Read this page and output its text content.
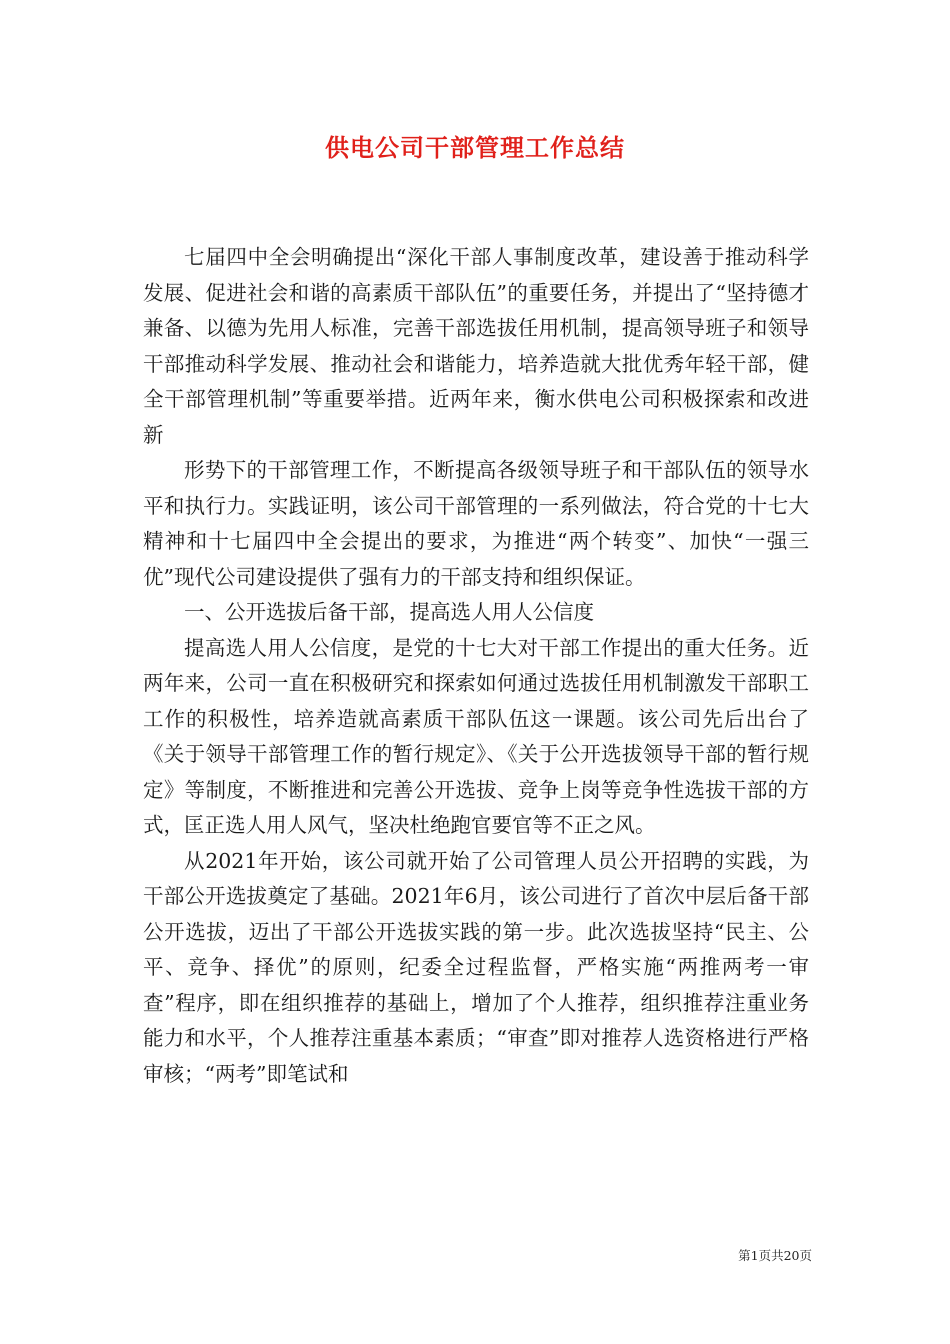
供电公司干部管理工作总结

七届四中全会明确提出“深化干部人事制度改革，建设善于推动科学发展、促进社会和谐的高素质干部队伍”的重要任务，并提出了“坚持德才兼备、以德为先用人标准，完善干部选拔任用机制，提高领导班子和领导干部推动科学发展、推动社会和谐能力，培养造就大批优秀年轻干部，健全干部管理机制”等重要举措。近两年来，衡水供电公司积极探索和改进新

形势下的干部管理工作，不断提高各级领导班子和干部队伍的领导水平和执行力。实践证明，该公司干部管理的一系列做法，符合党的十七大精神和十七届四中全会提出的要求，为推进“两个转变”、加快“一强三优”现代公司建设提供了强有力的干部支持和组织保证。

一、公开选拔后备干部，提高选人用人公信度

提高选人用人公信度，是党的十七大对干部工作提出的重大任务。近两年来，公司一直在积极研究和探索如何通过选拔任用机制激发干部职工工作的积极性，培养造就高素质干部队伍这一课题。该公司先后出台了《关于领导干部管理工作的暂行规定》、《关于公开选拔领导干部的暂行规定》等制度，不断推进和完善公开选拔、竞争上岗等竞争性选拔干部的方式，匡正选人用人风气，坚决杜绝跑官要官等不正之风。

从2021年开始，该公司就开始了公司管理人员公开招聘的实践，为干部公开选拔奠定了基础。2021年6月，该公司进行了首次中层后备干部公开选拔，迈出了干部公开选拔实践的第一步。此次选拔坚持“民主、公平、竞争、择优”的原则，纪委全过程监督，严格实施“两推两考一审查”程序，即在组织推荐的基础上，增加了个人推荐，组织推荐注重业务能力和水平，个人推荐注重基本素质；“审查”即对推荐人选资格进行严格审核；“两考”即笔试和

第1页共20页
